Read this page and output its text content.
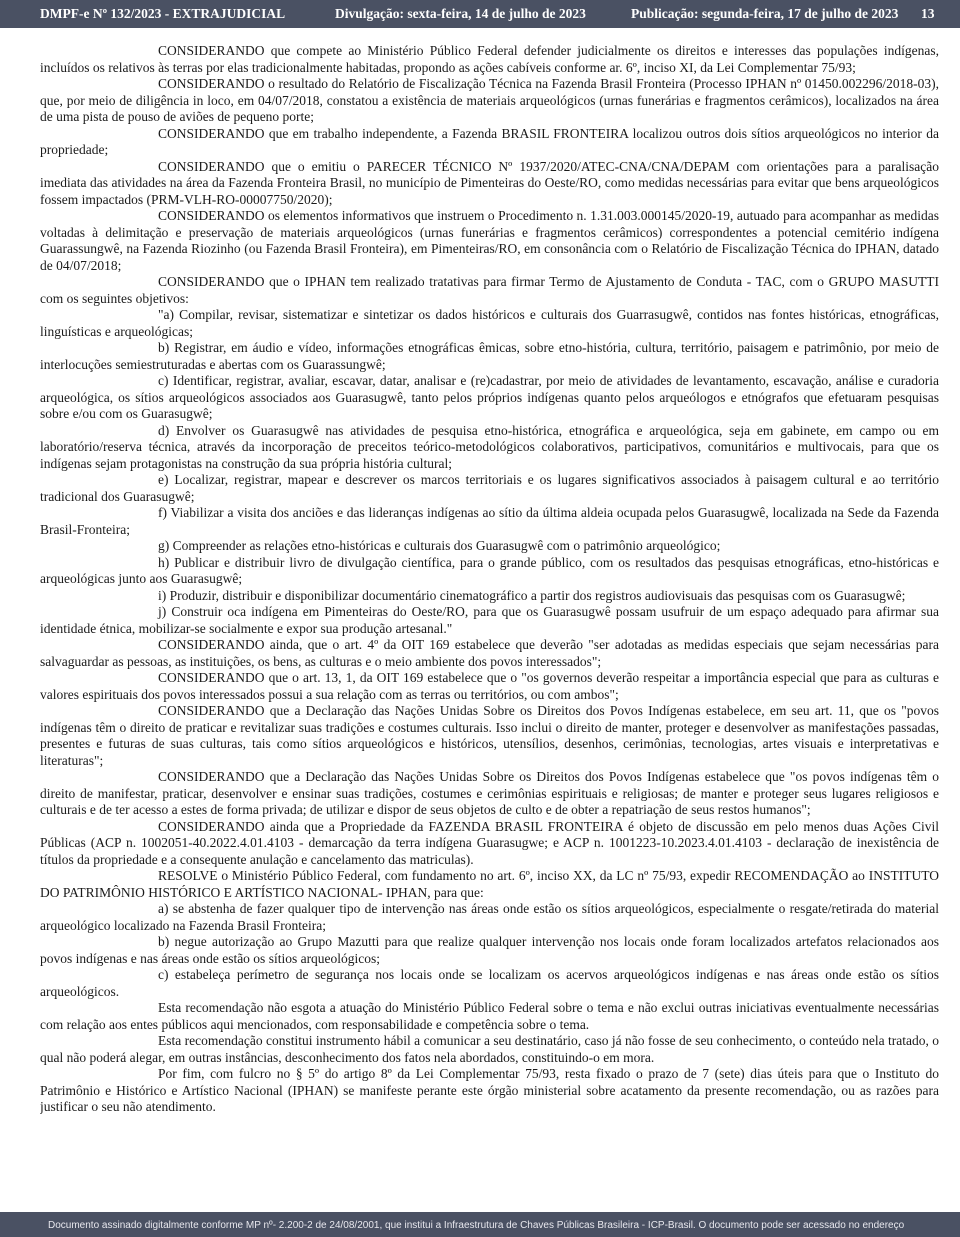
DMPF-e Nº 132/2023 - EXTRAJUDICIAL	Divulgação: sexta-feira, 14 de julho de 2023	Publicação: segunda-feira, 17 de julho de 2023 13

CONSIDERANDO que compete ao Ministério Público Federal defender judicialmente os direitos e interesses das populações indígenas, incluídos os relativos às terras por elas tradicionalmente habitadas, propondo as ações cabíveis conforme ar. 6º, inciso XI, da Lei Complementar 75/93;

CONSIDERANDO o resultado do Relatório de Fiscalização Técnica na Fazenda Brasil Fronteira (Processo IPHAN nº 01450.002296/2018-03), que, por meio de diligência in loco, em 04/07/2018, constatou a existência de materiais arqueológicos (urnas funerárias e fragmentos cerâmicos), localizados na área de uma pista de pouso de aviões de pequeno porte;

CONSIDERANDO que em trabalho independente, a Fazenda BRASIL FRONTEIRA localizou outros dois sítios arqueológicos no interior da propriedade;

CONSIDERANDO que o emitiu o PARECER TÉCNICO Nº 1937/2020/ATEC-CNA/CNA/DEPAM com orientações para a paralisação imediata das atividades na área da Fazenda Fronteira Brasil, no município de Pimenteiras do Oeste/RO, como medidas necessárias para evitar que bens arqueológicos fossem impactados (PRM-VLH-RO-00007750/2020);

CONSIDERANDO os elementos informativos que instruem o Procedimento n. 1.31.003.000145/2020-19, autuado para acompanhar as medidas voltadas à delimitação e preservação de materiais arqueológicos (urnas funerárias e fragmentos cerâmicos) correspondentes a potencial cemitério indígena Guarassungwê, na Fazenda Riozinho (ou Fazenda Brasil Fronteira), em Pimenteiras/RO, em consonância com o Relatório de Fiscalização Técnica do IPHAN, datado de 04/07/2018;

CONSIDERANDO que o IPHAN tem realizado tratativas para firmar Termo de Ajustamento de Conduta - TAC, com o GRUPO MASUTTI com os seguintes objetivos:

"a) Compilar, revisar, sistematizar e sintetizar os dados históricos e culturais dos Guarrasugwê, contidos nas fontes históricas, etnográficas, linguísticas e arqueológicas;

b) Registrar, em áudio e vídeo, informações etnográficas êmicas, sobre etno-história, cultura, território, paisagem e patrimônio, por meio de interlocuções semiestruturadas e abertas com os Guarassungwê;

c) Identificar, registrar, avaliar, escavar, datar, analisar e (re)cadastrar, por meio de atividades de levantamento, escavação, análise e curadoria arqueológica, os sítios arqueológicos associados aos Guarasugwê, tanto pelos próprios indígenas quanto pelos arqueólogos e etnógrafos que efetuaram pesquisas sobre e/ou com os Guarasugwê;

d) Envolver os Guarasugwê nas atividades de pesquisa etno-histórica, etnográfica e arqueológica, seja em gabinete, em campo ou em laboratório/reserva técnica, através da incorporação de preceitos teórico-metodológicos colaborativos, participativos, comunitários e multivocais, para que os indígenas sejam protagonistas na construção da sua própria história cultural;

e) Localizar, registrar, mapear e descrever os marcos territoriais e os lugares significativos associados à paisagem cultural e ao território tradicional dos Guarasugwê;

f) Viabilizar a visita dos anciões e das lideranças indígenas ao sítio da última aldeia ocupada pelos Guarasugwê, localizada na Sede da Fazenda Brasil-Fronteira;

g) Compreender as relações etno-históricas e culturais dos Guarasugwê com o patrimônio arqueológico;

h) Publicar e distribuir livro de divulgação científica, para o grande público, com os resultados das pesquisas etnográficas, etno-históricas e arqueológicas junto aos Guarasugwê;

i) Produzir, distribuir e disponibilizar documentário cinematográfico a partir dos registros audiovisuais das pesquisas com os Guarasugwê;

j) Construir oca indígena em Pimenteiras do Oeste/RO, para que os Guarasugwê possam usufruir de um espaço adequado para afirmar sua identidade étnica, mobilizar-se socialmente e expor sua produção artesanal."

CONSIDERANDO ainda, que o art. 4º da OIT 169 estabelece que deverão "ser adotadas as medidas especiais que sejam necessárias para salvaguardar as pessoas, as instituições, os bens, as culturas e o meio ambiente dos povos interessados";

CONSIDERANDO que o art. 13, 1, da OIT 169 estabelece que o "os governos deverão respeitar a importância especial que para as culturas e valores espirituais dos povos interessados possui a sua relação com as terras ou territórios, ou com ambos";

CONSIDERANDO que a Declaração das Nações Unidas Sobre os Direitos dos Povos Indígenas estabelece, em seu art. 11, que os "povos indígenas têm o direito de praticar e revitalizar suas tradições e costumes culturais. Isso inclui o direito de manter, proteger e desenvolver as manifestações passadas, presentes e futuras de suas culturas, tais como sítios arqueológicos e históricos, utensílios, desenhos, cerimônias, tecnologias, artes visuais e interpretativas e literaturas";

CONSIDERANDO que a Declaração das Nações Unidas Sobre os Direitos dos Povos Indígenas estabelece que "os povos indígenas têm o direito de manifestar, praticar, desenvolver e ensinar suas tradições, costumes e cerimônias espirituais e religiosas; de manter e proteger seus lugares religiosos e culturais e de ter acesso a estes de forma privada; de utilizar e dispor de seus objetos de culto e de obter a repatriação de seus restos humanos";

CONSIDERANDO ainda que a Propriedade da FAZENDA BRASIL FRONTEIRA é objeto de discussão em pelo menos duas Ações Civil Públicas (ACP n. 1002051-40.2022.4.01.4103 - demarcação da terra indígena Guarasugwe; e ACP n. 1001223-10.2023.4.01.4103 - declaração de inexistência de títulos da propriedade e a consequente anulação e cancelamento das matriculas).

RESOLVE o Ministério Público Federal, com fundamento no art. 6º, inciso XX, da LC nº 75/93, expedir RECOMENDAÇÃO ao INSTITUTO DO PATRIMÔNIO HISTÓRICO E ARTÍSTICO NACIONAL- IPHAN, para que:

a) se abstenha de fazer qualquer tipo de intervenção nas áreas onde estão os sítios arqueológicos, especialmente o resgate/retirada do material arqueológico localizado na Fazenda Brasil Fronteira;

b) negue autorização ao Grupo Mazutti para que realize qualquer intervenção nos locais onde foram localizados artefatos relacionados aos povos indígenas e nas áreas onde estão os sítios arqueológicos;

c) estabeleça perímetro de segurança nos locais onde se localizam os acervos arqueológicos indígenas e nas áreas onde estão os sítios arqueológicos.

Esta recomendação não esgota a atuação do Ministério Público Federal sobre o tema e não exclui outras iniciativas eventualmente necessárias com relação aos entes públicos aqui mencionados, com responsabilidade e competência sobre o tema.

Esta recomendação constitui instrumento hábil a comunicar a seu destinatário, caso já não fosse de seu conhecimento, o conteúdo nela tratado, o qual não poderá alegar, em outras instâncias, desconhecimento dos fatos nela abordados, constituindo-o em mora.

Por fim, com fulcro no § 5º do artigo 8º da Lei Complementar 75/93, resta fixado o prazo de 7 (sete) dias úteis para que o Instituto do Patrimônio e Histórico e Artístico Nacional (IPHAN) se manifeste perante este órgão ministerial sobre acatamento da presente recomendação, ou as razões para justificar o seu não atendimento.

Documento assinado digitalmente conforme MP nº- 2.200-2 de 24/08/2001, que institui a Infraestrutura de Chaves Públicas Brasileira - ICP-Brasil. O documento pode ser acessado no endereço
